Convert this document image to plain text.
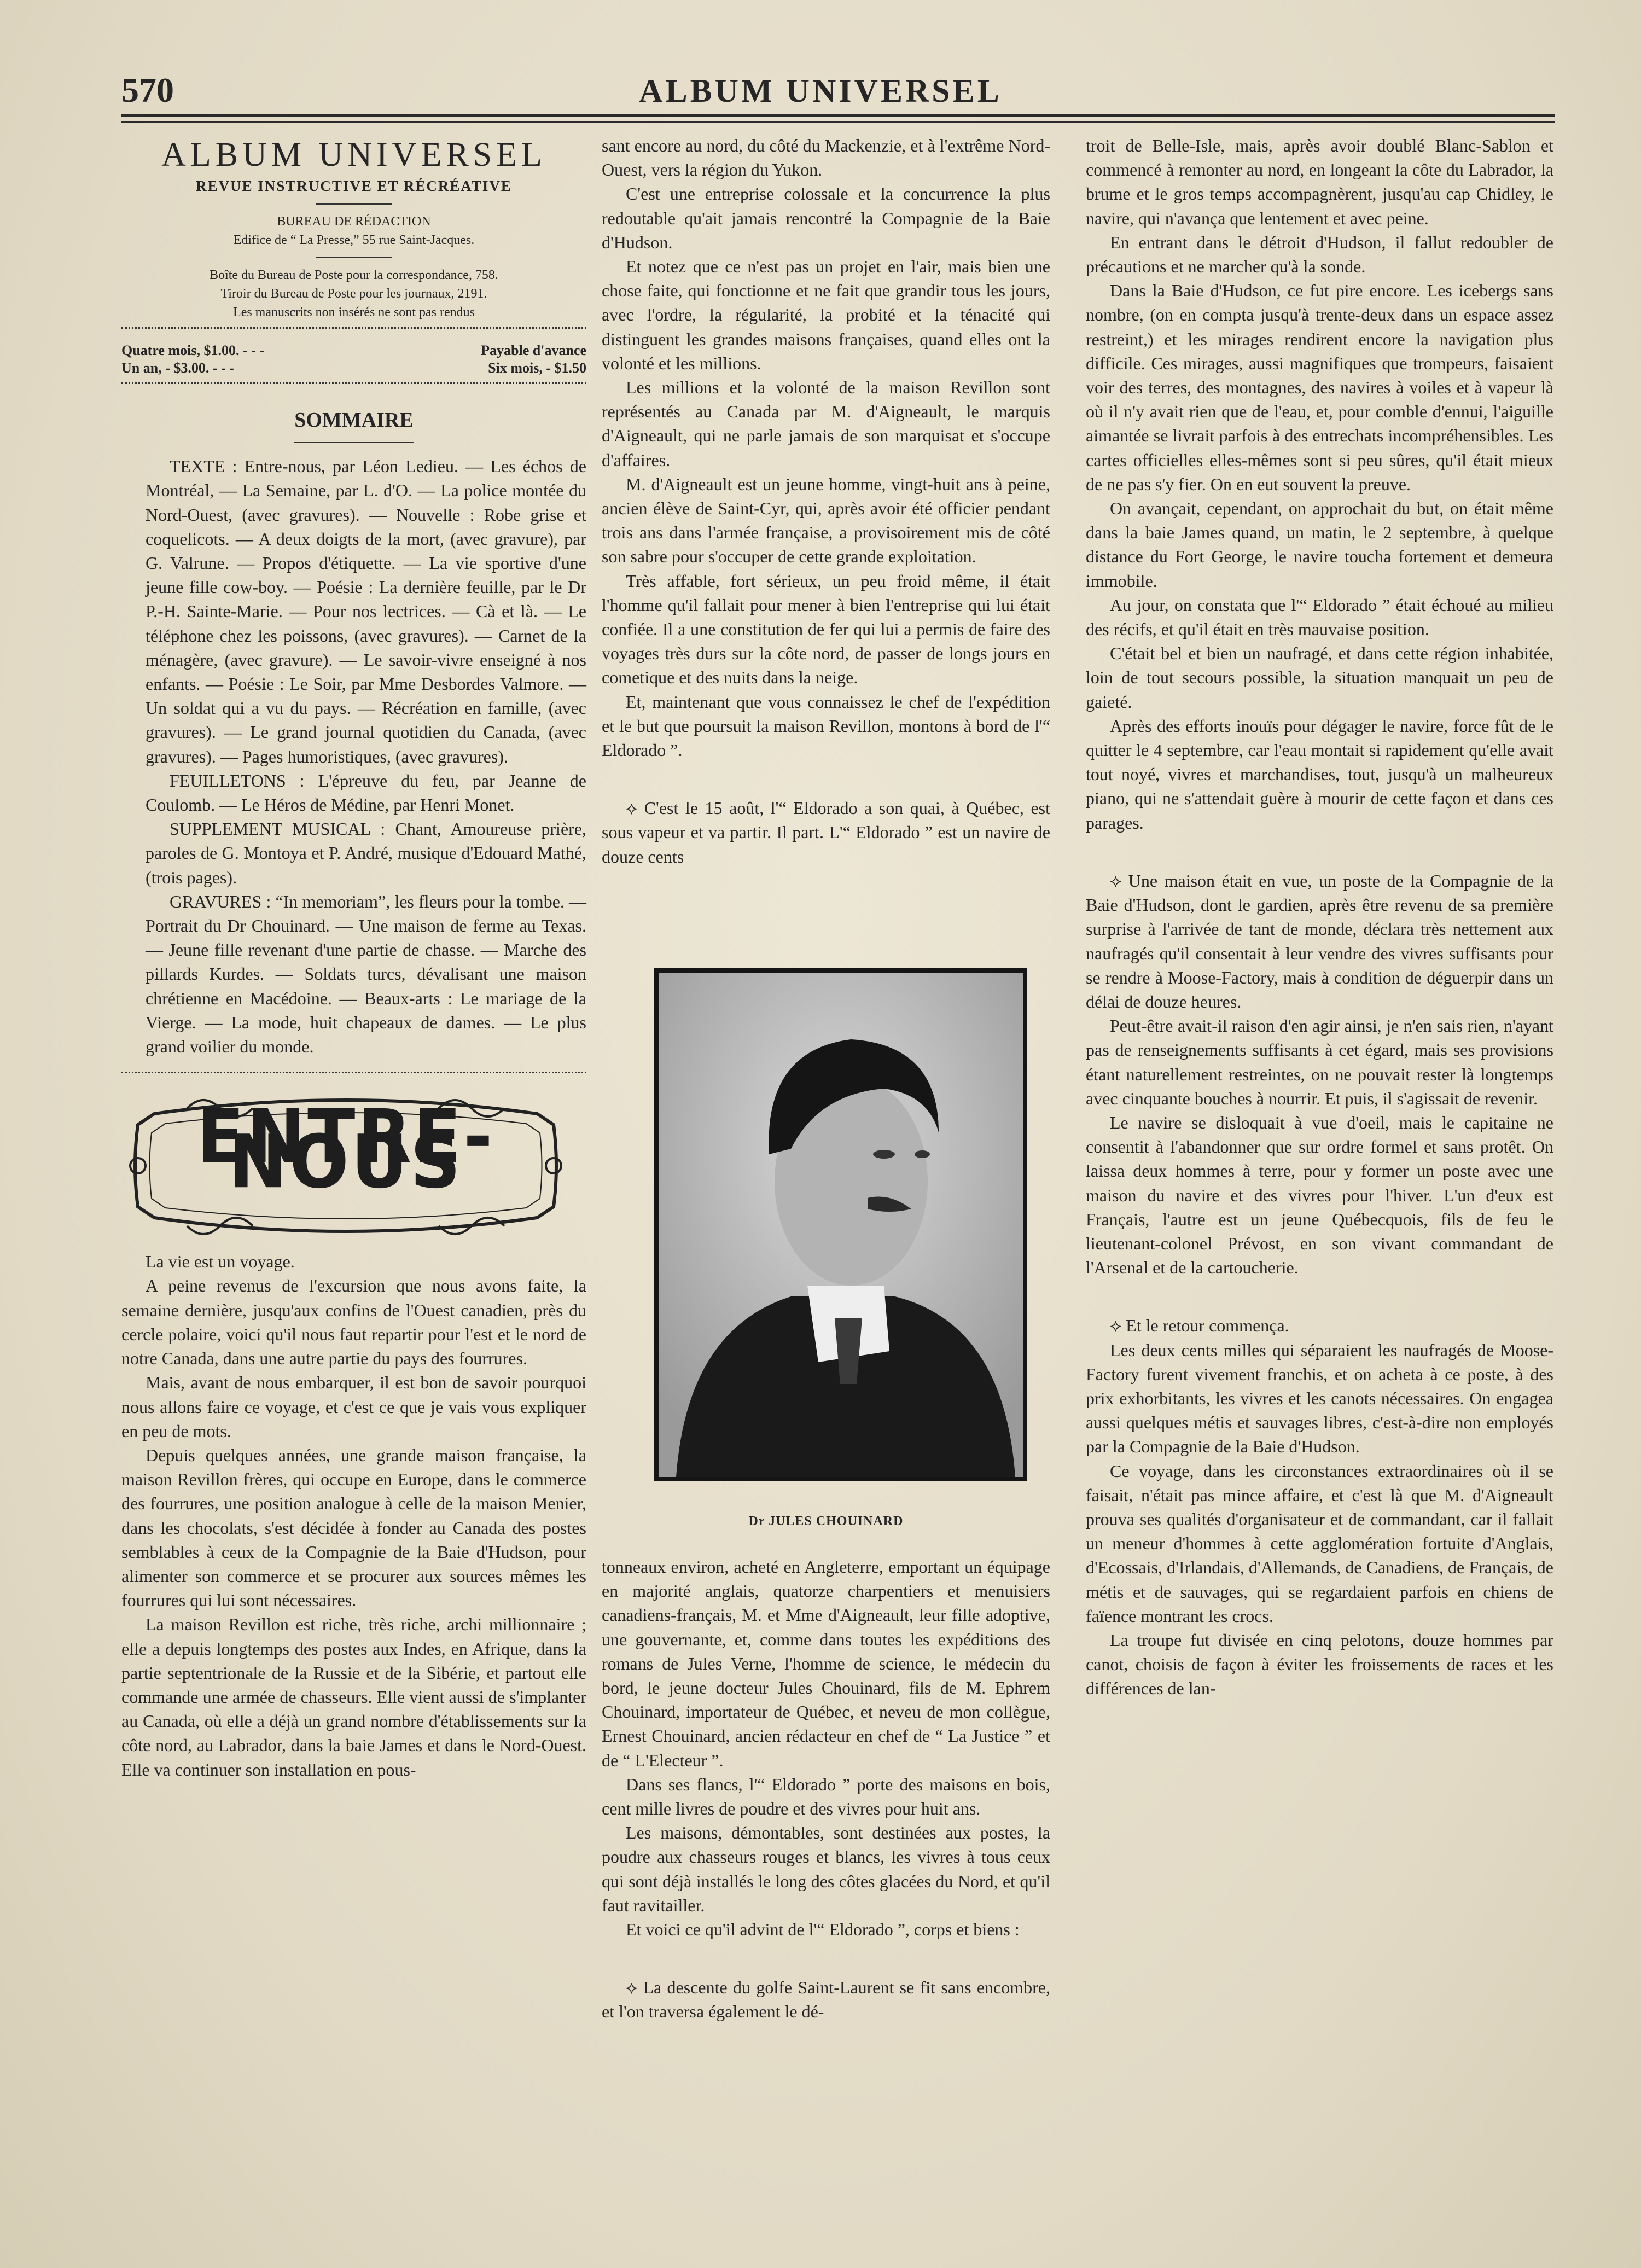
570	ALBUM UNIVERSEL
ALBUM UNIVERSEL
REVUE INSTRUCTIVE ET RÉCRÉATIVE
BUREAU DE RÉDACTION
Edifice de “ La Presse,” 55 rue Saint-Jacques.
Boîte du Bureau de Poste pour la correspondance, 758.
Tiroir du Bureau de Poste pour les journaux, 2191.
Les manuscrits non insérés ne sont pas rendus
Quatre mois, $1.00. - - -	Payable d'avance
Un an, - $3.00. - - -	Six mois, - $1.50
SOMMAIRE

TEXTE : Entre-nous, par Léon Ledieu. — Les échos de Montréal, — La Semaine, par L. d'O. — La police montée du Nord-Ouest, (avec gravures). — Nouvelle : Robe grise et coquelicots. — A deux doigts de la mort, (avec gravure), par G. Valrune. — Propos d'étiquette. — La vie sportive d'une jeune fille cow-boy. — Poésie : La dernière feuille, par le Dr P.-H. Sainte-Marie. — Pour nos lectrices. — Cà et là. — Le téléphone chez les poissons, (avec gravures). — Carnet de la ménagère, (avec gravure). — Le savoir-vivre enseigné à nos enfants. — Poésie : Le Soir, par Mme Desbordes Valmore. — Un soldat qui a vu du pays. — Récréation en famille, (avec gravures). — Le grand journal quotidien du Canada, (avec gravures). — Pages humoristiques, (avec gravures).

FEUILLETONS : L'épreuve du feu, par Jeanne de Coulomb. — Le Héros de Médine, par Henri Monet.

SUPPLEMENT MUSICAL : Chant, Amoureuse prière, paroles de G. Montoya et P. André, musique d'Edouard Mathé, (trois pages).

GRAVURES : “In memoriam”, les fleurs pour la tombe. — Portrait du Dr Chouinard. — Une maison de ferme au Texas. — Jeune fille revenant d'une partie de chasse. — Marche des pillards Kurdes. — Soldats turcs, dévalisant une maison chrétienne en Macédoine. — Beaux-arts : Le mariage de la Vierge. — La mode, huit chapeaux de dames. — Le plus grand voilier du monde.

ENTRE-NOUS

La vie est un voyage.

A peine revenus de l'excursion que nous avons faite, la semaine dernière, jusqu'aux confins de l'Ouest canadien, près du cercle polaire, voici qu'il nous faut repartir pour l'est et le nord de notre Canada, dans une autre partie du pays des fourrures.

Mais, avant de nous embarquer, il est bon de savoir pourquoi nous allons faire ce voyage, et c'est ce que je vais vous expliquer en peu de mots.

Depuis quelques années, une grande maison française, la maison Revillon frères, qui occupe en Europe, dans le commerce des fourrures, une position analogue à celle de la maison Menier, dans les chocolats, s'est décidée à fonder au Canada des postes semblables à ceux de la Compagnie de la Baie d'Hudson, pour alimenter son commerce et se procurer aux sources mêmes les fourrures qui lui sont nécessaires.

La maison Revillon est riche, très riche, archi millionnaire ; elle a depuis longtemps des postes aux Indes, en Afrique, dans la partie septentrionale de la Russie et de la Sibérie, et partout elle commande une armée de chasseurs. Elle vient aussi de s'implanter au Canada, où elle a déjà un grand nombre d'établissements sur la côte nord, au Labrador, dans la baie James et dans le Nord-Ouest. Elle va continuer son installation en pous-

sant encore au nord, du côté du Mackenzie, et à l'extrême Nord-Ouest, vers la région du Yukon.

C'est une entreprise colossale et la concurrence la plus redoutable qu'ait jamais rencontré la Compagnie de la Baie d'Hudson.

Et notez que ce n'est pas un projet en l'air, mais bien une chose faite, qui fonctionne et ne fait que grandir tous les jours, avec l'ordre, la régularité, la probité et la ténacité qui distinguent les grandes maisons françaises, quand elles ont la volonté et les millions.

Les millions et la volonté de la maison Revillon sont représentés au Canada par M. d'Aigneault, le marquis d'Aigneault, qui ne parle jamais de son marquisat et s'occupe d'affaires.

M. d'Aigneault est un jeune homme, vingt-huit ans à peine, ancien élève de Saint-Cyr, qui, après avoir été officier pendant trois ans dans l'armée française, a provisoirement mis de côté son sabre pour s'occuper de cette grande exploitation.

Très affable, fort sérieux, un peu froid même, il était l'homme qu'il fallait pour mener à bien l'entreprise qui lui était confiée. Il a une constitution de fer qui lui a permis de faire des voyages très durs sur la côte nord, de passer de longs jours en cometique et des nuits dans la neige.

Et, maintenant que vous connaissez le chef de l'expédition et le but que poursuit la maison Revillon, montons à bord de l'“ Eldorado ”.

⟡ C'est le 15 août, l'“ Eldorado a son quai, à Québec, est sous vapeur et va partir. Il part. L'“ Eldorado ” est un navire de douze cents

Dr JULES CHOUINARD

tonneaux environ, acheté en Angleterre, emportant un équipage en majorité anglais, quatorze charpentiers et menuisiers canadiens-français, M. et Mme d'Aigneault, leur fille adoptive, une gouvernante, et, comme dans toutes les expéditions des romans de Jules Verne, l'homme de science, le médecin du bord, le jeune docteur Jules Chouinard, fils de M. Ephrem Chouinard, importateur de Québec, et neveu de mon collègue, Ernest Chouinard, ancien rédacteur en chef de “ La Justice ” et de “ L'Electeur ”.

Dans ses flancs, l'“ Eldorado ” porte des maisons en bois, cent mille livres de poudre et des vivres pour huit ans.

Les maisons, démontables, sont destinées aux postes, la poudre aux chasseurs rouges et blancs, les vivres à tous ceux qui sont déjà installés le long des côtes glacées du Nord, et qu'il faut ravitailler.

Et voici ce qu'il advint de l'“ Eldorado ”, corps et biens :

⟡ La descente du golfe Saint-Laurent se fit sans encombre, et l'on traversa également le dé-

troit de Belle-Isle, mais, après avoir doublé Blanc-Sablon et commencé à remonter au nord, en longeant la côte du Labrador, la brume et le gros temps accompagnèrent, jusqu'au cap Chidley, le navire, qui n'avança que lentement et avec peine.

En entrant dans le détroit d'Hudson, il fallut redoubler de précautions et ne marcher qu'à la sonde.

Dans la Baie d'Hudson, ce fut pire encore. Les icebergs sans nombre, (on en compta jusqu'à trente-deux dans un espace assez restreint,) et les mirages rendirent encore la navigation plus difficile. Ces mirages, aussi magnifiques que trompeurs, faisaient voir des terres, des montagnes, des navires à voiles et à vapeur là où il n'y avait rien que de l'eau, et, pour comble d'ennui, l'aiguille aimantée se livrait parfois à des entrechats incompréhensibles. Les cartes officielles elles-mêmes sont si peu sûres, qu'il était mieux de ne pas s'y fier. On en eut souvent la preuve.

On avançait, cependant, on approchait du but, on était même dans la baie James quand, un matin, le 2 septembre, à quelque distance du Fort George, le navire toucha fortement et demeura immobile.

Au jour, on constata que l'“ Eldorado ” était échoué au milieu des récifs, et qu'il était en très mauvaise position.

C'était bel et bien un naufragé, et dans cette région inhabitée, loin de tout secours possible, la situation manquait un peu de gaieté.

Après des efforts inouïs pour dégager le navire, force fût de le quitter le 4 septembre, car l'eau montait si rapidement qu'elle avait tout noyé, vivres et marchandises, tout, jusqu'à un malheureux piano, qui ne s'attendait guère à mourir de cette façon et dans ces parages.

⟡ Une maison était en vue, un poste de la Compagnie de la Baie d'Hudson, dont le gardien, après être revenu de sa première surprise à l'arrivée de tant de monde, déclara très nettement aux naufragés qu'il consentait à leur vendre des vivres suffisants pour se rendre à Moose-Factory, mais à condition de déguerpir dans un délai de douze heures.

Peut-être avait-il raison d'en agir ainsi, je n'en sais rien, n'ayant pas de renseignements suffisants à cet égard, mais ses provisions étant naturellement restreintes, on ne pouvait rester là longtemps avec cinquante bouches à nourrir. Et puis, il s'agissait de revenir.

Le navire se disloquait à vue d'oeil, mais le capitaine ne consentit à l'abandonner que sur ordre formel et sans protêt. On laissa deux hommes à terre, pour y former un poste avec une maison du navire et des vivres pour l'hiver. L'un d'eux est Français, l'autre est un jeune Québecquois, fils de feu le lieutenant-colonel Prévost, en son vivant commandant de l'Arsenal et de la cartoucherie.

⟡ Et le retour commença.

Les deux cents milles qui séparaient les naufragés de Moose-Factory furent vivement franchis, et on acheta à ce poste, à des prix exhorbitants, les vivres et les canots nécessaires. On engagea aussi quelques métis et sauvages libres, c'est-à-dire non employés par la Compagnie de la Baie d'Hudson.

Ce voyage, dans les circonstances extraordinaires où il se faisait, n'était pas mince affaire, et c'est là que M. d'Aigneault prouva ses qualités d'organisateur et de commandant, car il fallait un meneur d'hommes à cette agglomération fortuite d'Anglais, d'Ecossais, d'Irlandais, d'Allemands, de Canadiens, de Français, de métis et de sauvages, qui se regardaient parfois en chiens de faïence montrant les crocs.

La troupe fut divisée en cinq pelotons, douze hommes par canot, choisis de façon à éviter les froissements de races et les différences de lan-
